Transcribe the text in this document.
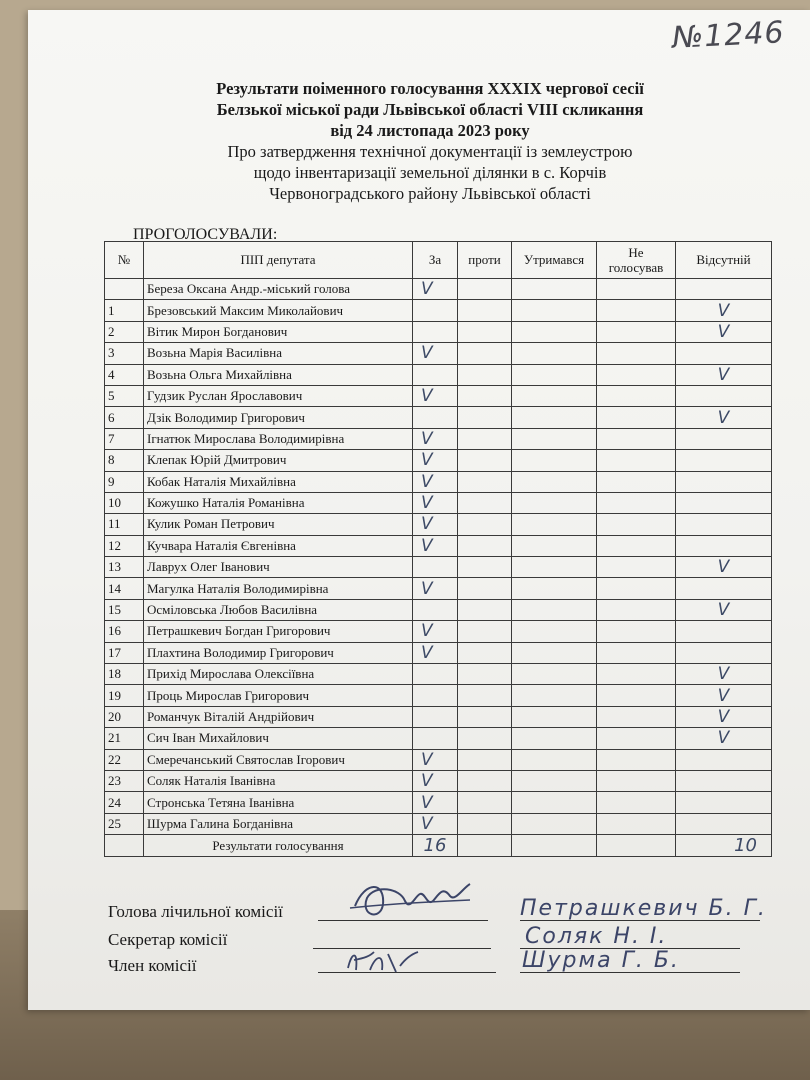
№1246
Результати поіменного голосування XXXIX чергової сесії
Белзької міської ради Львівської області VIII скликання
від 24 листопада 2023 року
Про затвердження технічної документації із землеустрою
щодо інвентаризації земельної ділянки в с. Корчів
Червоноградського району Львівської області
ПРОГОЛОСУВАЛИ:
№	ПІП депутата	За	проти	Утримався	Не голосував	Відсутній
	Береза Оксана Андр.-міський голова	V				
1	Брезовський Максим Миколайович					V
2	Вітик Мирон Богданович					V
3	Возьна Марія Василівна	V				
4	Возьна Ольга Михайлівна					V
5	Гудзик Руслан Ярославович	V				
6	Дзік Володимир Григорович					V
7	Ігнатюк Мирослава Володимирівна	V				
8	Клепак Юрій Дмитрович	V				
9	Кобак Наталія Михайлівна	V				
10	Кожушко Наталія Романівна	V				
11	Кулик Роман Петрович	V				
12	Кучвара Наталія Євгенівна	V				
13	Лаврух Олег Іванович					V
14	Магулка Наталія Володимирівна	V				
15	Осміловська Любов Василівна					V
16	Петрашкевич Богдан Григорович	V				
17	Плахтина Володимир Григорович	V				
18	Прихід Мирослава Олексіївна					V
19	Проць Мирослав Григорович					V
20	Романчук Віталій Андрійович					V
21	Сич Іван Михайлович					V
22	Смеречанський Святослав Ігорович	V				
23	Соляк Наталія Іванівна	V				
24	Стронська Тетяна Іванівна	V				
25	Шурма Галина Богданівна	V				
	Результати голосування	16				10
Голова лічильної комісії	Петрашкевич Б. Г.
Секретар комісії	Соляк Н. І.
Член комісії	Шурма Г. Б.
